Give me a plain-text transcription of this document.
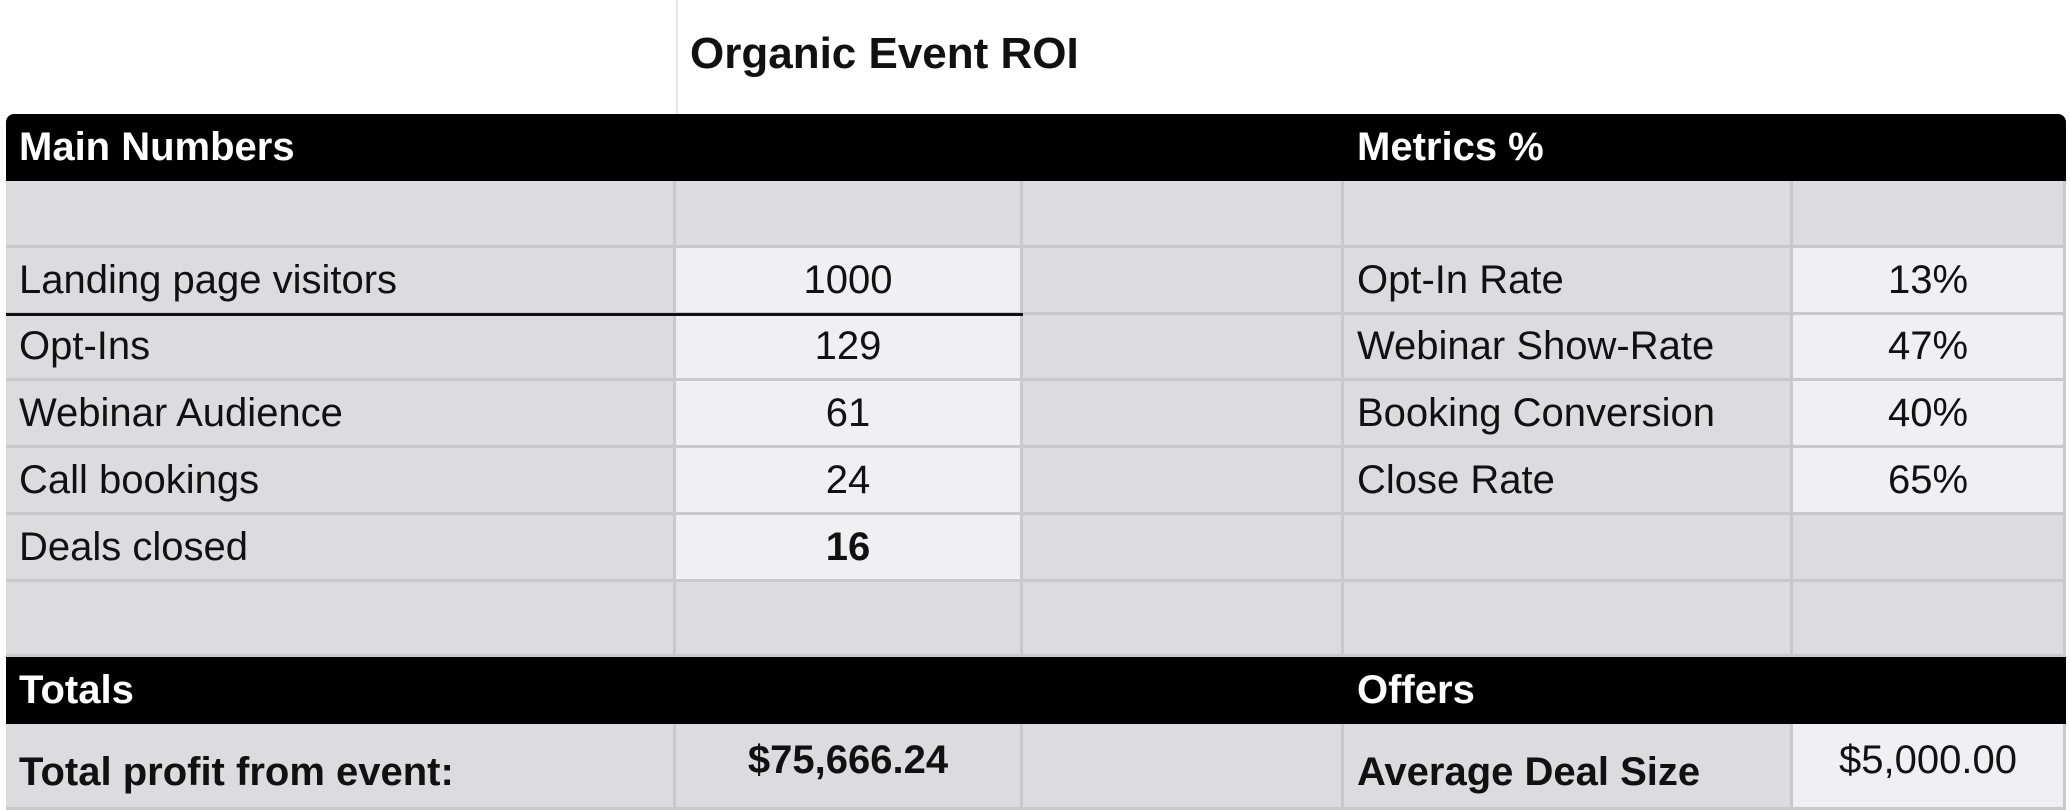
Organic Event ROI
Main Numbers	Metrics %
Landing page visitors	1000	Opt-In Rate	13%
Opt-Ins	129	Webinar Show-Rate	47%
Webinar Audience	61	Booking Conversion	40%
Call bookings	24	Close Rate	65%
Deals closed	16
Totals	Offers
Total profit from event:	$75,666.24	Average Deal Size	$5,000.00
